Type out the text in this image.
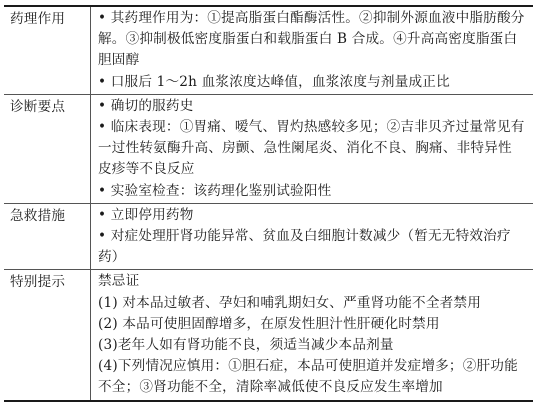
药理作用	• 其药理作用为：①提高脂蛋白酯酶活性。②抑制外源血液中脂肪酸分解。③抑制极低密度脂蛋白和载脂蛋白 B 合成。④升高高密度脂蛋白胆固醇
• 口服后 1～2h 血浆浓度达峰值，血浆浓度与剂量成正比

诊断要点	• 确切的服药史
• 临床表现：①胃痛、嗳气、胃灼热感较多见；②吉非贝齐过量常见有一过性转氨酶升高、房颤、急性阑尾炎、消化不良、胸痛、非特异性皮疹等不良反应
• 实验室检查：该药理化鉴别试验阳性

急救措施	• 立即停用药物
• 对症处理肝肾功能异常、贫血及白细胞计数减少（暂无无特效治疗药）

特别提示	禁忌证
(1) 对本品过敏者、孕妇和哺乳期妇女、严重肾功能不全者禁用
(2) 本品可使胆固醇增多，在原发性胆汁性肝硬化时禁用
(3)老年人如有肾功能不良，须适当减少本品剂量
(4)下列情况应慎用：①胆石症，本品可使胆道并发症增多；②肝功能不全；③肾功能不全，清除率减低使不良反应发生率增加
